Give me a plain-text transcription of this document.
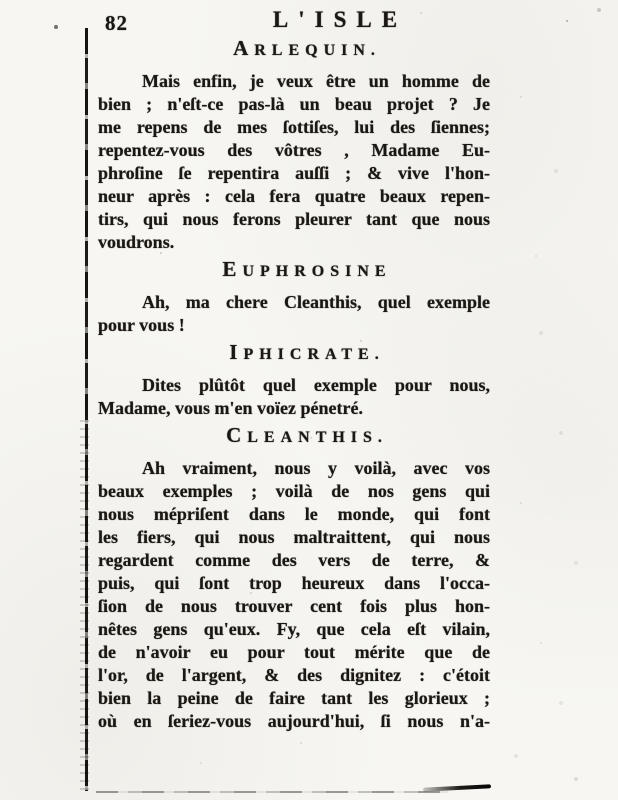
82	L'ISLE
ARLEQUIN.
Mais enfin, je veux être un homme de
bien ; n'eſt-ce pas-là un beau projet ? Je
me repens de mes ſottiſes, lui des ſiennes;
repentez-vous des vôtres , Madame Eu-
phroſine ſe repentira auſſi ; & vive l'hon-
neur après : cela fera quatre beaux repen-
tirs, qui nous ferons pleurer tant que nous
voudrons.
EUPHROSINE
Ah, ma chere Cleanthis, quel exemple
pour vous !
IPHICRATE.
Dites plûtôt quel exemple pour nous,
Madame, vous m'en voïez pénetré.
CLEANTHIS.
Ah vraiment, nous y voilà, avec vos
beaux exemples ; voilà de nos gens qui
nous mépriſent dans le monde, qui font
les fiers, qui nous maltraittent, qui nous
regardent comme des vers de terre, &
puis, qui ſont trop heureux dans l'occa-
ſion de nous trouver cent fois plus hon-
nêtes gens qu'eux. Fy, que cela eſt vilain,
de n'avoir eu pour tout mérite que de
l'or, de l'argent, & des dignitez : c'étoit
bien la peine de faire tant les glorieux ;
où en ſeriez-vous aujourd'hui, ſi nous n'a-
